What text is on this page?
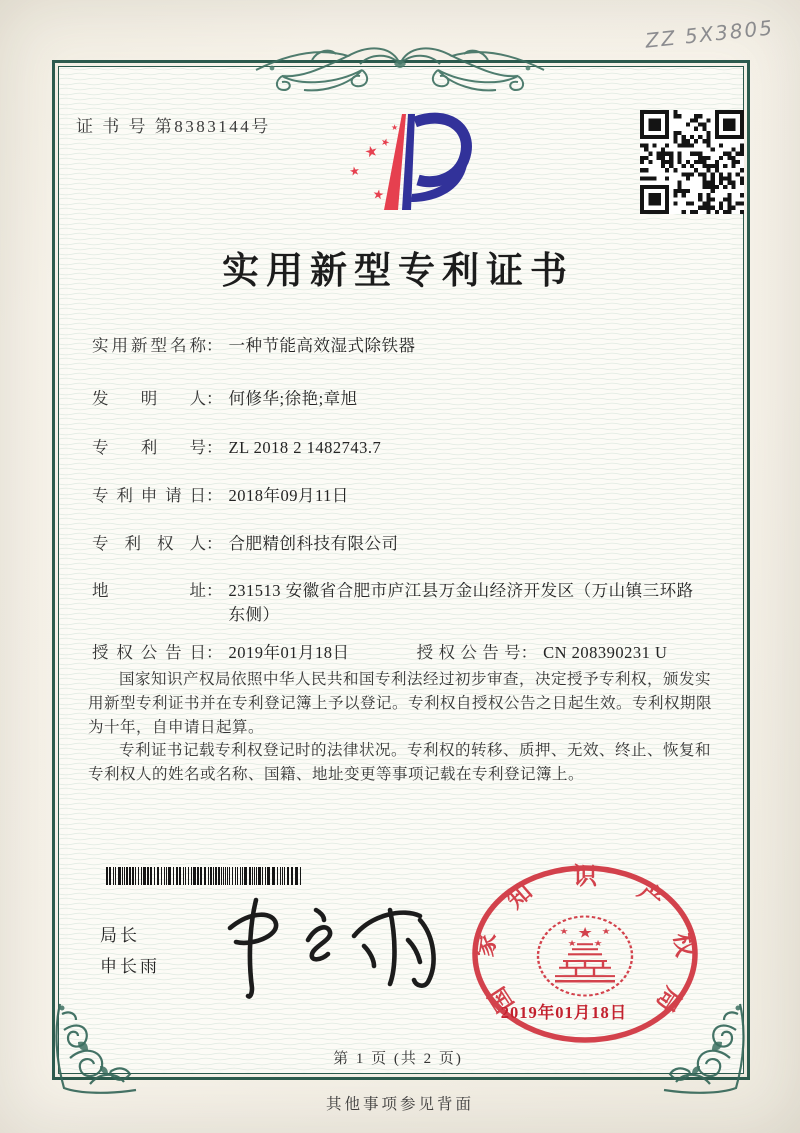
ZZ 5X3805
证 书 号 第8383144号
★
★
★
★
★
实用新型专利证书
实用新型名称： 一种节能高效湿式除铁器
发明人： 何修华;徐艳;章旭
专利号： ZL 2018 2 1482743.7
专利申请日： 2018年09月11日
专利权人： 合肥精创科技有限公司
地址： 231513 安徽省合肥市庐江县万金山经济开发区（万山镇三环路东侧）
授权公告日： 2019年01月18日	授权公告号： CN 208390231 U

国家知识产权局依照中华人民共和国专利法经过初步审查，决定授予专利权，颁发实用新型专利证书并在专利登记簿上予以登记。专利权自授权公告之日起生效。专利权期限为十年，自申请日起算。

专利证书记载专利权登记时的法律状况。专利权的转移、质押、无效、终止、恢复和专利权人的姓名或名称、国籍、地址变更等事项记载在专利登记簿上。

局长
申长雨
国
家
知
识
产
权
局
★
★	★
★ ★
2019年01月18日
第 1 页 (共 2 页)
其他事项参见背面
